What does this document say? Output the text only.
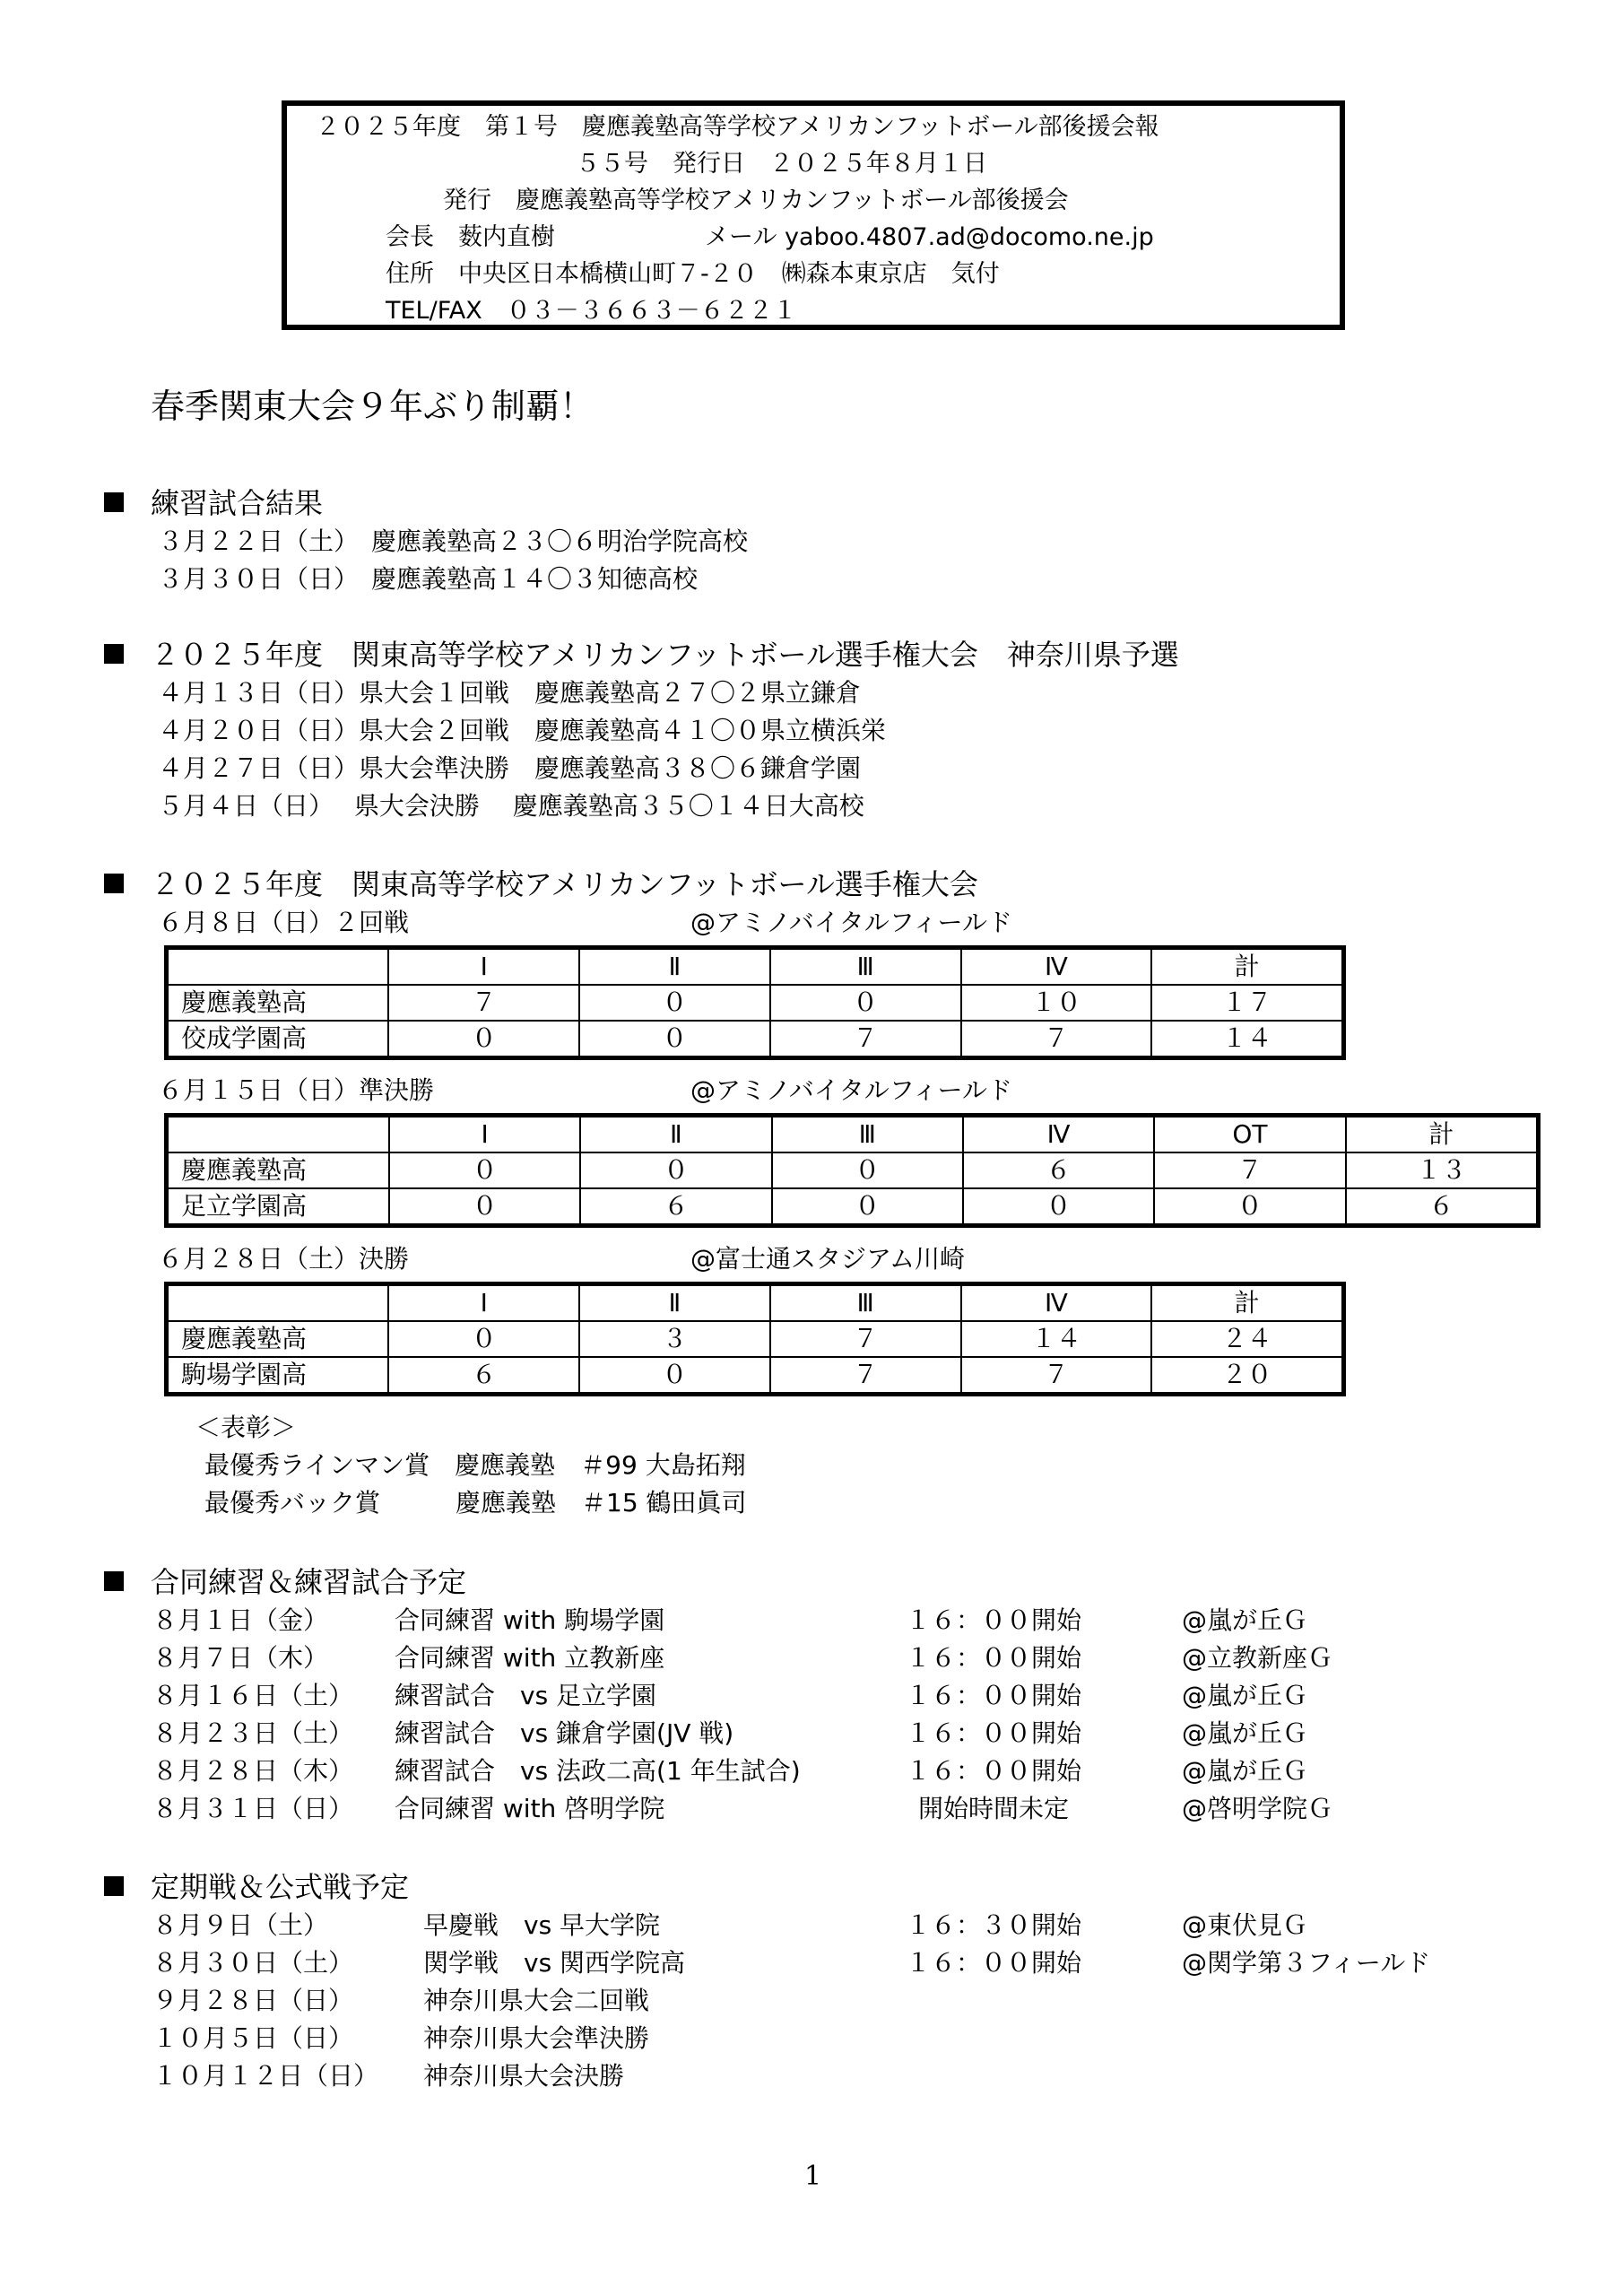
２０２５年度　第１号　慶應義塾高等学校アメリカンフットボール部後援会報
５５号　発行日　２０２５年８月１日
発行　慶應義塾高等学校アメリカンフットボール部後援会
会長　薮内直樹	メール yaboo.4807.ad@docomo.ne.jp
住所　中央区日本橋横山町７-２０　㈱森本東京店　気付
TEL/FAX　０３－３６６３－６２２１
春季関東大会９年ぶり制覇！
練習試合結果
３月２２日（土）　慶應義塾高２３〇６明治学院高校
３月３０日（日）　慶應義塾高１４〇３知徳高校
２０２５年度　関東高等学校アメリカンフットボール選手権大会　神奈川県予選
４月１３日（日）県大会１回戦　慶應義塾高２７〇２県立鎌倉
４月２０日（日）県大会２回戦　慶應義塾高４１〇０県立横浜栄
４月２７日（日）県大会準決勝　慶應義塾高３８〇６鎌倉学園
５月４日（日）　 県大会決勝　 慶應義塾高３５〇１４日大高校
２０２５年度　関東高等学校アメリカンフットボール選手権大会
６月８日（日）２回戦	@アミノバイタルフィールド
	Ⅰ	Ⅱ	Ⅲ	Ⅳ	計
慶應義塾高	７	０	０	１０	１７
佼成学園高	０	０	７	７	１４
６月１５日（日）準決勝	@アミノバイタルフィールド
	Ⅰ	Ⅱ	Ⅲ	Ⅳ	OT	計
慶應義塾高	０	０	０	６	７	１３
足立学園高	０	６	０	０	０	６
６月２８日（土）決勝	@富士通スタジアム川崎
	Ⅰ	Ⅱ	Ⅲ	Ⅳ	計
慶應義塾高	０	３	７	１４	２４
駒場学園高	６	０	７	７	２０
＜表彰＞
最優秀ラインマン賞　慶應義塾　＃99 大島拓翔
最優秀バック賞　　　慶應義塾　＃15 鶴田眞司
合同練習＆練習試合予定
８月１日（金）	合同練習 with 駒場学園	１６：００開始	@嵐が丘Ｇ
８月７日（木）	合同練習 with 立教新座	１６：００開始	@立教新座Ｇ
８月１６日（土） 練習試合　vs 足立学園	１６：００開始	@嵐が丘Ｇ
８月２３日（土） 練習試合　vs 鎌倉学園(JV 戦)	１６：００開始	@嵐が丘Ｇ
８月２８日（木） 練習試合　vs 法政二高(1 年生試合)	１６：００開始	@嵐が丘Ｇ
８月３１日（日） 合同練習 with 啓明学院	開始時間未定	@啓明学院Ｇ
定期戦＆公式戦予定
８月９日（土）	早慶戦　vs 早大学院	１６：３０開始	@東伏見Ｇ
８月３０日（土）	関学戦　vs 関西学院高	１６：００開始	@関学第３フィールド
９月２８日（日）	神奈川県大会二回戦
１０月５日（日）	神奈川県大会準決勝
１０月１２日（日） 神奈川県大会決勝
1
